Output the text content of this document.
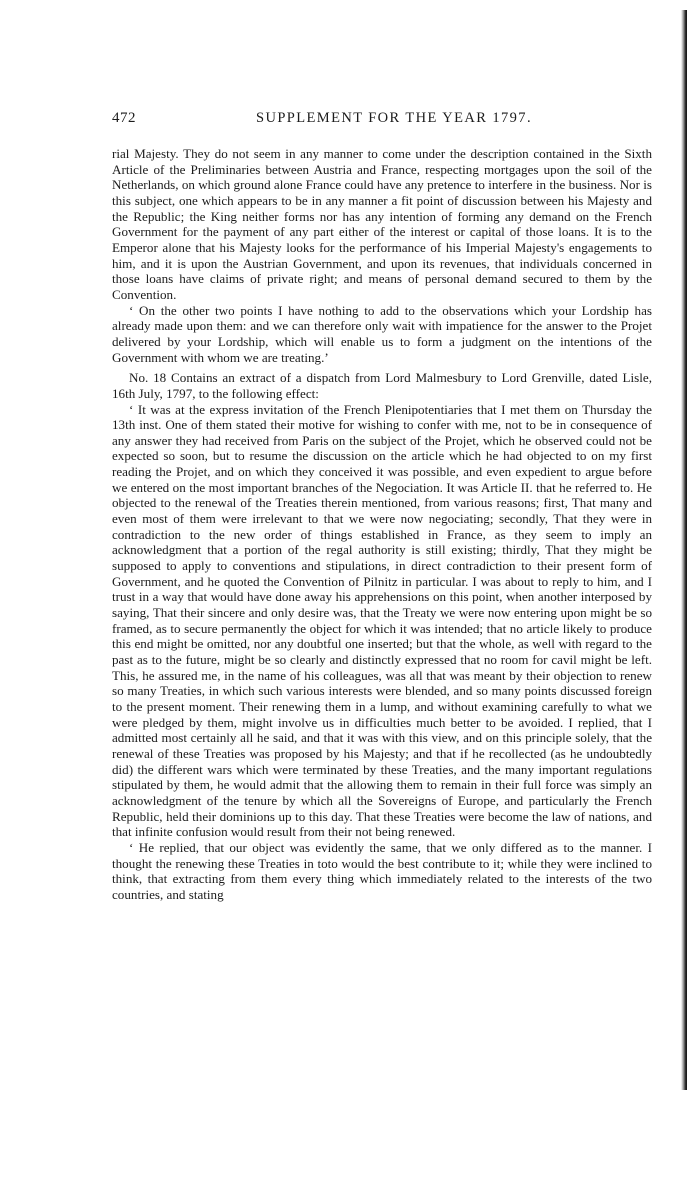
472	SUPPLEMENT FOR THE YEAR 1797.

rial Majesty. They do not seem in any manner to come under the description contained in the Sixth Article of the Preliminaries between Austria and France, respecting mortgages upon the soil of the Netherlands, on which ground alone France could have any pretence to interfere in the business. Nor is this subject, one which appears to be in any manner a fit point of discussion between his Majesty and the Republic; the King neither forms nor has any intention of forming any demand on the French Government for the payment of any part either of the interest or capital of those loans. It is to the Emperor alone that his Majesty looks for the performance of his Imperial Majesty's engagements to him, and it is upon the Austrian Government, and upon its revenues, that individuals concerned in those loans have claims of private right; and means of personal demand secured to them by the Convention.

‘ On the other two points I have nothing to add to the observations which your Lordship has already made upon them: and we can therefore only wait with impatience for the answer to the Projet delivered by your Lordship, which will enable us to form a judgment on the intentions of the Government with whom we are treating.’

No. 18 Contains an extract of a dispatch from Lord Malmesbury to Lord Grenville, dated Lisle, 16th July, 1797, to the following effect:

‘ It was at the express invitation of the French Plenipotentiaries that I met them on Thursday the 13th inst. One of them stated their motive for wishing to confer with me, not to be in consequence of any answer they had received from Paris on the subject of the Projet, which he observed could not be expected so soon, but to resume the discussion on the article which he had objected to on my first reading the Projet, and on which they conceived it was possible, and even expedient to argue before we entered on the most important branches of the Negociation. It was Article II. that he referred to. He objected to the renewal of the Treaties therein mentioned, from various reasons; first, That many and even most of them were irrelevant to that we were now negociating; secondly, That they were in contradiction to the new order of things established in France, as they seem to imply an acknowledgment that a portion of the regal authority is still existing; thirdly, That they might be supposed to apply to conventions and stipulations, in direct contradiction to their present form of Government, and he quoted the Convention of Pilnitz in particular. I was about to reply to him, and I trust in a way that would have done away his apprehensions on this point, when another interposed by saying, That their sincere and only desire was, that the Treaty we were now entering upon might be so framed, as to secure permanently the object for which it was intended; that no article likely to produce this end might be omitted, nor any doubtful one inserted; but that the whole, as well with regard to the past as to the future, might be so clearly and distinctly expressed that no room for cavil might be left. This, he assured me, in the name of his colleagues, was all that was meant by their objection to renew so many Treaties, in which such various interests were blended, and so many points discussed foreign to the present moment. Their renewing them in a lump, and without examining carefully to what we were pledged by them, might involve us in difficulties much better to be avoided. I replied, that I admitted most certainly all he said, and that it was with this view, and on this principle solely, that the renewal of these Treaties was proposed by his Majesty; and that if he recollected (as he undoubtedly did) the different wars which were terminated by these Treaties, and the many important regulations stipulated by them, he would admit that the allowing them to remain in their full force was simply an acknowledgment of the tenure by which all the Sovereigns of Europe, and particularly the French Republic, held their dominions up to this day. That these Treaties were become the law of nations, and that infinite confusion would result from their not being renewed.

‘ He replied, that our object was evidently the same, that we only differed as to the manner. I thought the renewing these Treaties in toto would the best contribute to it; while they were inclined to think, that extracting from them every thing which immediately related to the interests of the two countries, and stating
